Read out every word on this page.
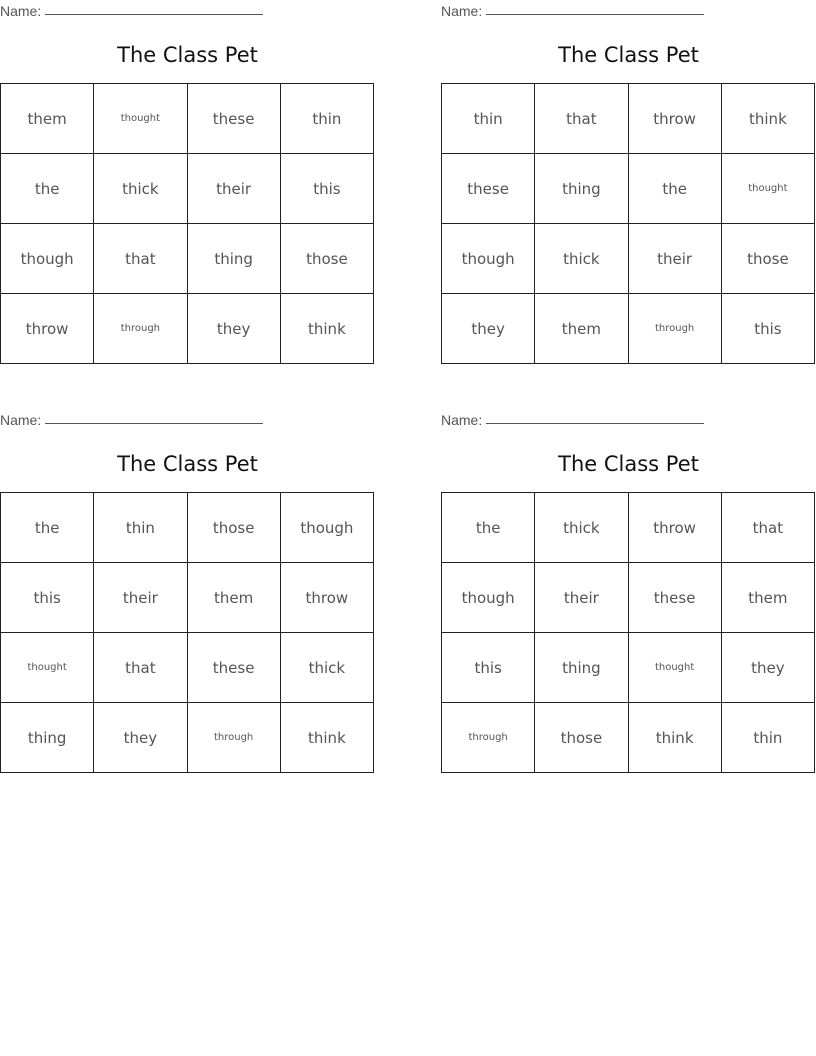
Name:
The Class Pet
them	thought	these	thin
the	thick	their	this
though	that	thing	those
throw	through	they	think
Name:
The Class Pet
thin	that	throw	think
these	thing	the	thought
though	thick	their	those
they	them	through	this
Name:
The Class Pet
the	thin	those	though
this	their	them	throw
thought	that	these	thick
thing	they	through	think
Name:
The Class Pet
the	thick	throw	that
though	their	these	them
this	thing	thought	they
through	those	think	thin
